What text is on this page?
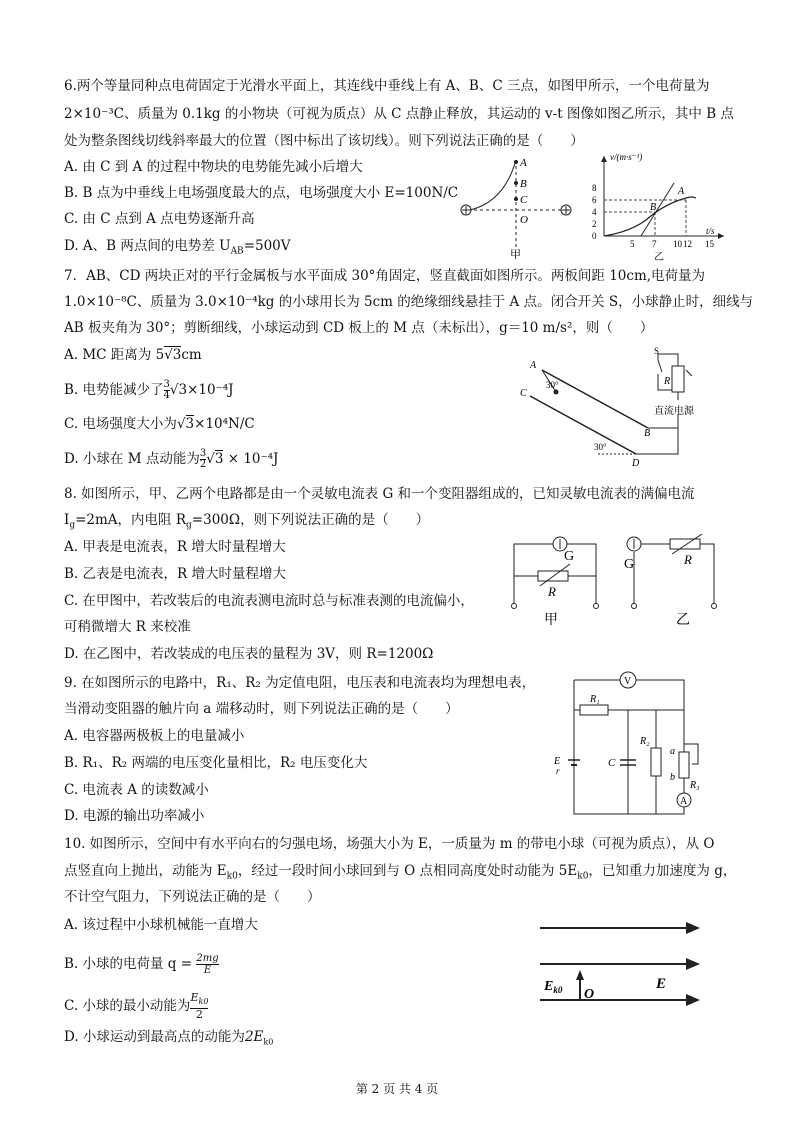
6.两个等量同种点电荷固定于光滑水平面上，其连线中垂线上有 A、B、C 三点，如图甲所示，一个电荷量为
2×10⁻³C、质量为 0.1kg 的小物块（可视为质点）从 C 点静止释放，其运动的 v-t 图像如图乙所示，其中 B 点
处为整条图线切线斜率最大的位置（图中标出了该切线）。则下列说法正确的是（　　）
A. 由 C 到 A 的过程中物块的电势能先减小后增大
B. B 点为中垂线上电场强度最大的点，电场强度大小 E=100N/C
C. 由 C 点到 A 点电势逐渐升高
D. A、B 两点间的电势差 $U_{AB}=500V$
A
B
C
O
甲
v/(m·s⁻¹)
t/s
8
6
4
2
0
5 7 10 12 15
A
B
乙
7．AB、CD 两块正对的平行金属板与水平面成 30°角固定，竖直截面如图所示。两板间距 10cm,电荷量为
1.0×10⁻⁸C、质量为 3.0×10⁻⁴kg 的小球用长为 5cm 的绝缘细线悬挂于 A 点。闭合开关 S，小球静止时，细线与
AB 板夹角为 30°；剪断细线，小球运动到 CD 板上的 M 点（未标出），g＝10 m/s²，则（　　）
A. MC 距离为 5√3cm
B. 电势能减少了 $\frac{3}{4} √3\times 10^{-4}J$
C. 电场强度大小为√3×10⁴N/C
D. 小球在 M 点动能为 $\frac{3}{2} √3 \times 10^{-4}J$
30°
30°
A
C
B
D
S
R
直流电源
8. 如图所示，甲、乙两个电路都是由一个灵敏电流表 G 和一个变阻器组成的，已知灵敏电流表的满偏电流
$I_g=2mA$，内电阻 $R_g=300\Omega$，则下列说法正确的是（　　）
A. 甲表是电流表，R 增大时量程增大
B. 乙表是电流表，R 增大时量程增大
C. 在甲图中，若改装后的电流表测电流时总与标准表测的电流偏小，
可稍微增大 R 来校准
D. 在乙图中，若改装成的电压表的量程为 3V，则 R=1200Ω
G
R
甲
G	R
乙
9. 在如图所示的电路中，R₁、R₂ 为定值电阻，电压表和电流表均为理想电表，
当滑动变阻器的触片向 a 端移动时，则下列说法正确的是（　　）
A. 电容器两极板上的电量减小
B. R₁、R₂ 两端的电压变化量相比，R₂ 电压变化大
C. 电流表 A 的读数减小
D. 电源的输出功率减小
V
R₁
C
R₂
a
b
R₃
A
E
r
10. 如图所示，空间中有水平向右的匀强电场，场强大小为 E，一质量为 m 的带电小球（可视为质点），从 O
点竖直向上抛出，动能为 $E_{k0}$，经过一段时间小球回到与 O 点相同高度处时动能为 $5E_{k0}$，已知重力加速度为 g，
不计空气阻力，下列说法正确的是（　　）
A. 该过程中小球机械能一直增大
B. 小球的电荷量 $q = \frac{2mg}{E}$
C. 小球的最小动能为 $\frac{E_{k0}}{2}$
D. 小球运动到最高点的动能为$2E_{k0}$
$E_{k0}$ O
E
第 2 页 共 4 页
